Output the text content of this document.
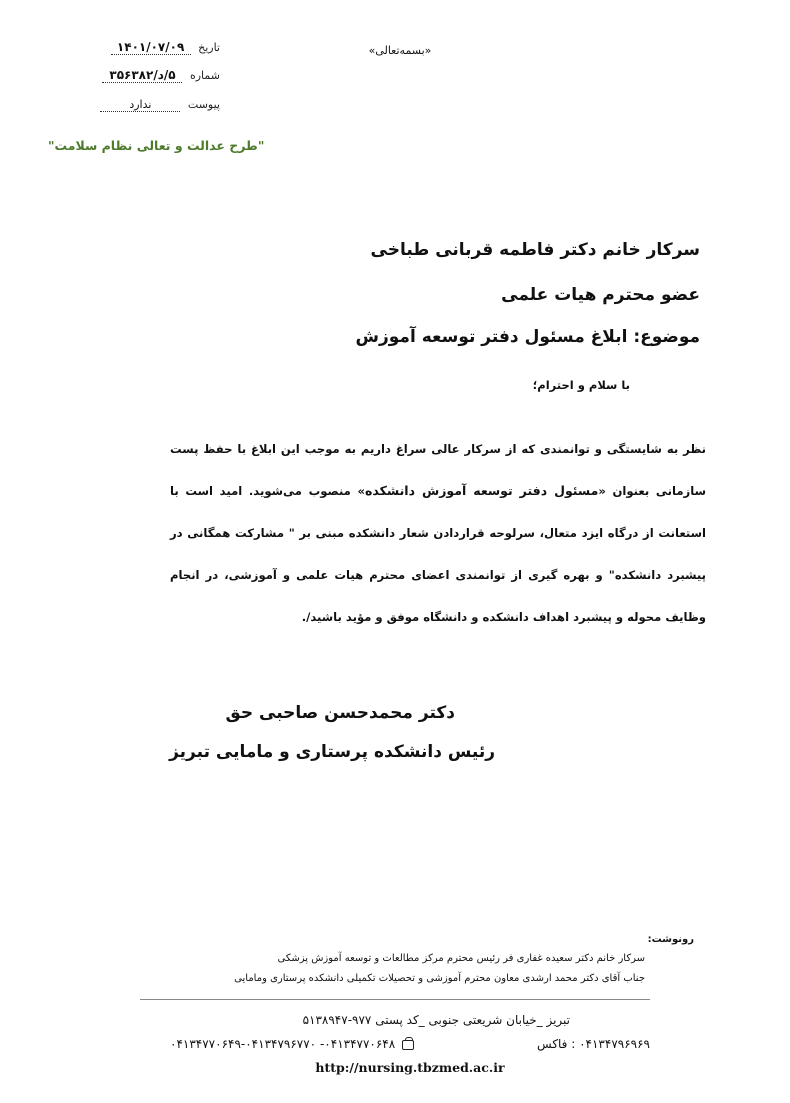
تاریخ ۱۴۰۱/۰۷/۰۹
شماره ۵/د/۳۵۶۳۸۲
پیوست ندارد
«بسمه‌تعالی»
"طرح عدالت و تعالی نظام سلامت"
سرکار خانم دکتر فاطمه قربانی طباخی
عضو محترم هیات علمی
موضوع: ابلاغ مسئول دفتر توسعه آموزش
با سلام و احترام؛
نظر به شایستگی و توانمندی که از سرکار عالی سراغ داریم به موجب این ابلاغ با حفظ پست سازمانی بعنوان «مسئول دفتر توسعه آموزش دانشکده» منصوب می‌شوید. امید است با استعانت از درگاه ایزد متعال، سرلوحه قراردادن شعار دانشکده مبنی بر " مشارکت همگانی در پیشبرد دانشکده" و بهره گیری از توانمندی اعضای محترم هیات علمی و آموزشی، در انجام وظایف محوله و پیشبرد اهداف دانشکده و دانشگاه موفق و مؤید باشید/.
دکتر محمدحسن صاحبی حق
رئیس دانشکده پرستاری و مامایی تبریز
رونوشت:
سرکار خانم دکتر سعیده غفاری فر رئیس محترم مرکز مطالعات و توسعه آموزش پزشکی
جناب آقای دکتر محمد ارشدی معاون محترم آموزشی و تحصیلات تکمیلی دانشکده پرستاری ومامایی
تبریز _خیابان شریعتی جنوبی _کد پستی ۹۷۷-۵۱۳۸۹۴۷
۰۴۱۳۴۷۹۶۹۶۹ : فاکس
۰۴۱۳۴۷۷۰۶۴۸- ۰۴۱۳۴۷۷۰۶۴۹-۰۴۱۳۴۷۹۶۷۷۰
http://nursing.tbzmed.ac.ir
